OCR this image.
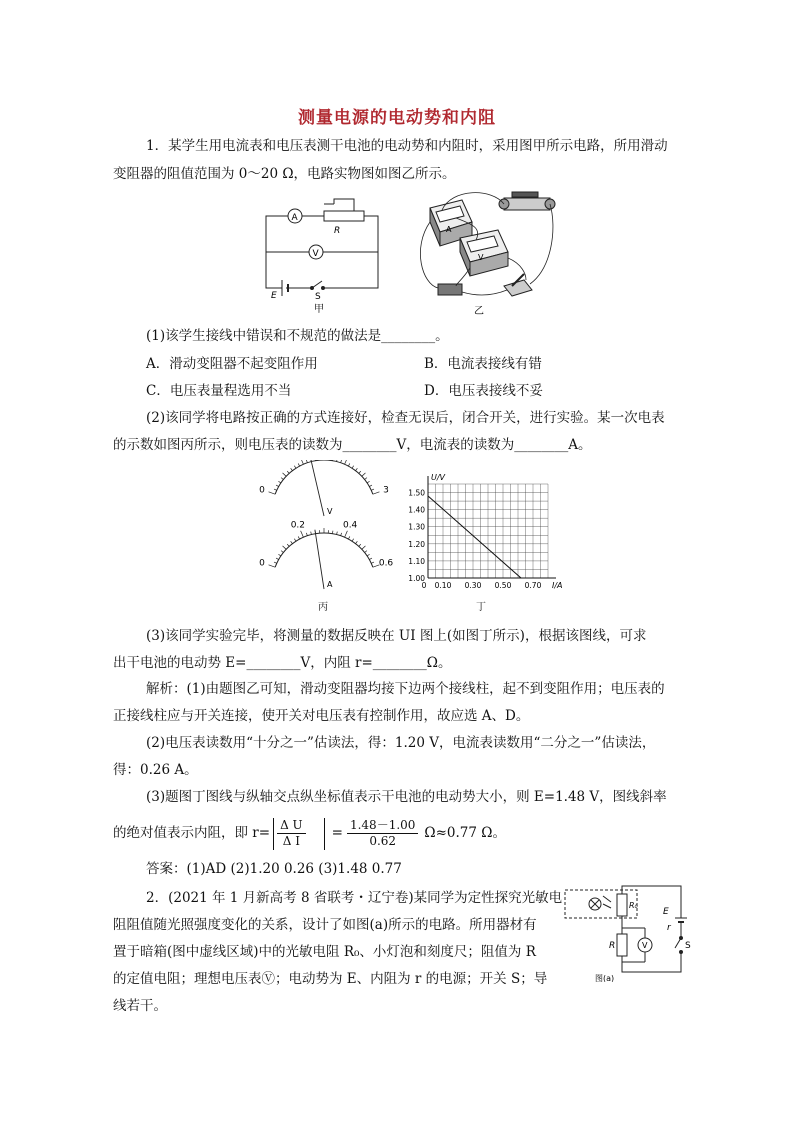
测量电源的电动势和内阻
1．某学生用电流表和电压表测干电池的电动势和内阻时，采用图甲所示电路，所用滑动
变阻器的阻值范围为 0～20 Ω，电路实物图如图乙所示。
A
V
R
E	S
甲
A
V
乙
(1)该学生接线中错误和不规范的做法是________。
A．滑动变阻器不起变阻作用	B．电流表接线有错
C．电压表量程选用不当	D．电压表接线不妥
(2)该同学将电路按正确的方式连接好，检查无误后，闭合开关，进行实验。某一次电表
的示数如图丙所示，则电压表的读数为________V，电流表的读数为________A。
0	3
V
0
0.2	0.4
0.6
A
丙
1.00
1.10
1.20
1.30
1.40
1.50
0 0.10 0.30 0.50 0.70
U/V
I/A
丁
(3)该同学实验完毕，将测量的数据反映在 UI 图上(如图丁所示)，根据该图线，可求
出干电池的电动势 E=________V，内阻 r=________Ω。
解析：(1)由题图乙可知，滑动变阻器均接下边两个接线柱，起不到变阻作用；电压表的
正接线柱应与开关连接，使开关对电压表有控制作用，故应选 A、D。
(2)电压表读数用“十分之一”估读法，得：1.20 V，电流表读数用“二分之一”估读法，
得：0.26 A。
(3)题图丁图线与纵轴交点纵坐标值表示干电池的电动势大小，则 E=1.48 V，图线斜率
的绝对值表示内阻，即 $r= \frac{\text{Δ U}}{\text{Δ I}} = \frac{1.48-1.00}{0.62} \Omega\approx 0.77$ Ω。
答案：(1)AD (2)1.20 0.26 (3)1.48 0.77
2．(2021 年 1 月新高考 8 省联考・辽宁卷)某同学为定性探究光敏电
阻阻值随光照强度变化的关系，设计了如图(a)所示的电路。所用器材有
置于暗箱(图中虚线区域)中的光敏电阻 R₀、小灯泡和刻度尺；阻值为 R
的定值电阻；理想电压表Ⓥ；电动势为 E、内阻为 r 的电源；开关 S；导
线若干。
R₀
R	V
E
r
S
图(a)
